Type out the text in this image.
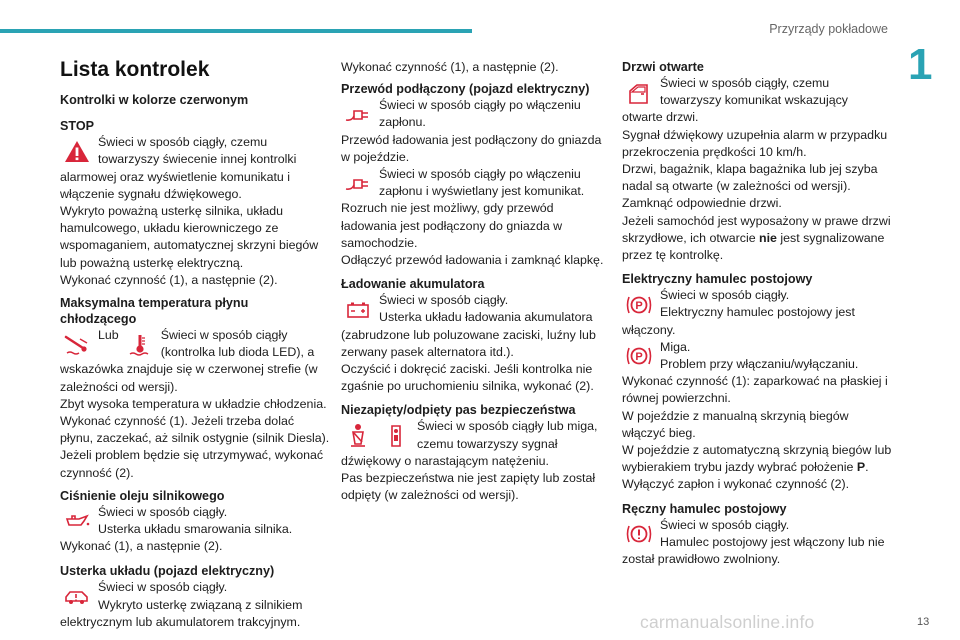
Przyrządy pokładowe
1
Lista kontrolek
Kontrolki w kolorze czerwonym
STOP
Świeci w sposób ciągły, czemu
towarzyszy świecenie innej kontrolki
alarmowej oraz wyświetlenie komunikatu i
włączenie sygnału dźwiękowego.
Wykryto poważną usterkę silnika, układu
hamulcowego, układu kierowniczego ze
wspomaganiem, automatycznej skrzyni biegów
lub poważną usterkę elektryczną.
Wykonać czynność (1), a następnie (2).
Maksymalna temperatura płynu
chłodzącego
Lub	Świeci w sposób ciągły
(kontrolka lub dioda LED), a
wskazówka znajduje się w czerwonej strefie (w
zależności od wersji).
Zbyt wysoka temperatura w układzie chłodzenia.
Wykonać czynność (1). Jeżeli trzeba dolać
płynu, zaczekać, aż silnik ostygnie (silnik Diesla).
Jeżeli problem będzie się utrzymywać, wykonać
czynność (2).
Ciśnienie oleju silnikowego
Świeci w sposób ciągły.
Usterka układu smarowania silnika.
Wykonać (1), a następnie (2).
Usterka układu (pojazd elektryczny)
Świeci w sposób ciągły.
Wykryto usterkę związaną z silnikiem
elektrycznym lub akumulatorem trakcyjnym.
Wykonać czynność (1), a następnie (2).
Przewód podłączony (pojazd elektryczny)
Świeci w sposób ciągły po włączeniu
zapłonu.
Przewód ładowania jest podłączony do gniazda
w pojeździe.
Świeci w sposób ciągły po włączeniu
zapłonu i wyświetlany jest komunikat.
Rozruch nie jest możliwy, gdy przewód
ładowania jest podłączony do gniazda w
samochodzie.
Odłączyć przewód ładowania i zamknąć klapkę.
Ładowanie akumulatora
Świeci w sposób ciągły.
Usterka układu ładowania akumulatora
(zabrudzone lub poluzowane zaciski, luźny lub
zerwany pasek alternatora itd.).
Oczyścić i dokręcić zaciski. Jeśli kontrolka nie
zgaśnie po uruchomieniu silnika, wykonać (2).
Niezapięty/odpięty pas bezpieczeństwa
Świeci w sposób ciągły lub miga,
czemu towarzyszy sygnał
dźwiękowy o narastającym natężeniu.
Pas bezpieczeństwa nie jest zapięty lub został
odpięty (w zależności od wersji).
Drzwi otwarte
Świeci w sposób ciągły, czemu
towarzyszy komunikat wskazujący
otwarte drzwi.
Sygnał dźwiękowy uzupełnia alarm w przypadku
przekroczenia prędkości 10 km/h.
Drzwi, bagażnik, klapa bagażnika lub jej szyba
nadal są otwarte (w zależności od wersji).
Zamknąć odpowiednie drzwi.
Jeżeli samochód jest wyposażony w prawe drzwi
skrzydłowe, ich otwarcie nie jest sygnalizowane
przez tę kontrolkę.
Elektryczny hamulec postojowy
P
Świeci w sposób ciągły.
Elektryczny hamulec postojowy jest
włączony.
P
Miga.
Problem przy włączaniu/wyłączaniu.
Wykonać czynność (1): zaparkować na płaskiej i
równej powierzchni.
W pojeździe z manualną skrzynią biegów
włączyć bieg.
W pojeździe z automatyczną skrzynią biegów lub
wybierakiem trybu jazdy wybrać położenie P.
Wyłączyć zapłon i wykonać czynność (2).
Ręczny hamulec postojowy
Świeci w sposób ciągły.
Hamulec postojowy jest włączony lub nie
został prawidłowo zwolniony.
carmanualsonline.info	13
